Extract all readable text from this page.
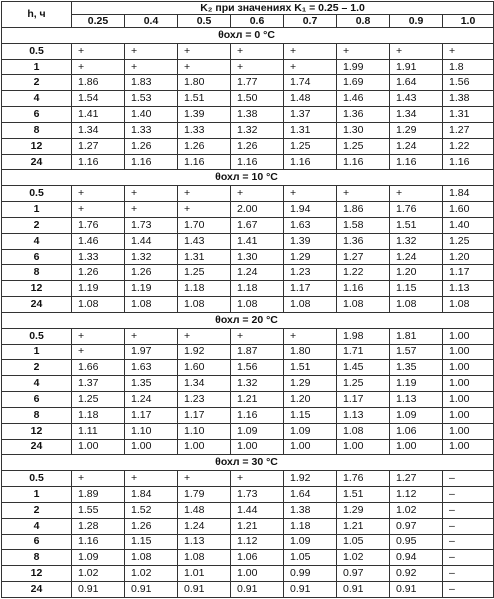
h, ч	K₂ при значениях K₁ = 0.25 – 1.0							
	0.25	0.4	0.5	0.6	0.7	0.8	0.9	1.0
θохл = 0 °C								
0.5	+	+	+	+	+	+	+	+
1	+	+	+	+	+	1.99	1.91	1.8
2	1.86	1.83	1.80	1.77	1.74	1.69	1.64	1.56
4	1.54	1.53	1.51	1.50	1.48	1.46	1.43	1.38
6	1.41	1.40	1.39	1.38	1.37	1.36	1.34	1.31
8	1.34	1.33	1.33	1.32	1.31	1.30	1.29	1.27
12	1.27	1.26	1.26	1.26	1.25	1.25	1.24	1.22
24	1.16	1.16	1.16	1.16	1.16	1.16	1.16	1.16
θохл = 10 °C								
0.5	+	+	+	+	+	+	+	1.84
1	+	+	+	2.00	1.94	1.86	1.76	1.60
2	1.76	1.73	1.70	1.67	1.63	1.58	1.51	1.40
4	1.46	1.44	1.43	1.41	1.39	1.36	1.32	1.25
6	1.33	1.32	1.31	1.30	1.29	1.27	1.24	1.20
8	1.26	1.26	1.25	1.24	1.23	1.22	1.20	1.17
12	1.19	1.19	1.18	1.18	1.17	1.16	1.15	1.13
24	1.08	1.08	1.08	1.08	1.08	1.08	1.08	1.08
θохл = 20 °C								
0.5	+	+	+	+	+	1.98	1.81	1.00
1	+	1.97	1.92	1.87	1.80	1.71	1.57	1.00
2	1.66	1.63	1.60	1.56	1.51	1.45	1.35	1.00
4	1.37	1.35	1.34	1.32	1.29	1.25	1.19	1.00
6	1.25	1.24	1.23	1.21	1.20	1.17	1.13	1.00
8	1.18	1.17	1.17	1.16	1.15	1.13	1.09	1.00
12	1.11	1.10	1.10	1.09	1.09	1.08	1.06	1.00
24	1.00	1.00	1.00	1.00	1.00	1.00	1.00	1.00
θохл = 30 °C								
0.5	+	+	+	+	1.92	1.76	1.27	–
1	1.89	1.84	1.79	1.73	1.64	1.51	1.12	–
2	1.55	1.52	1.48	1.44	1.38	1.29	1.02	–
4	1.28	1.26	1.24	1.21	1.18	1.21	0.97	–
6	1.16	1.15	1.13	1.12	1.09	1.05	0.95	–
8	1.09	1.08	1.08	1.06	1.05	1.02	0.94	–
12	1.02	1.02	1.01	1.00	0.99	0.97	0.92	–
24	0.91	0.91	0.91	0.91	0.91	0.91	0.91	–
